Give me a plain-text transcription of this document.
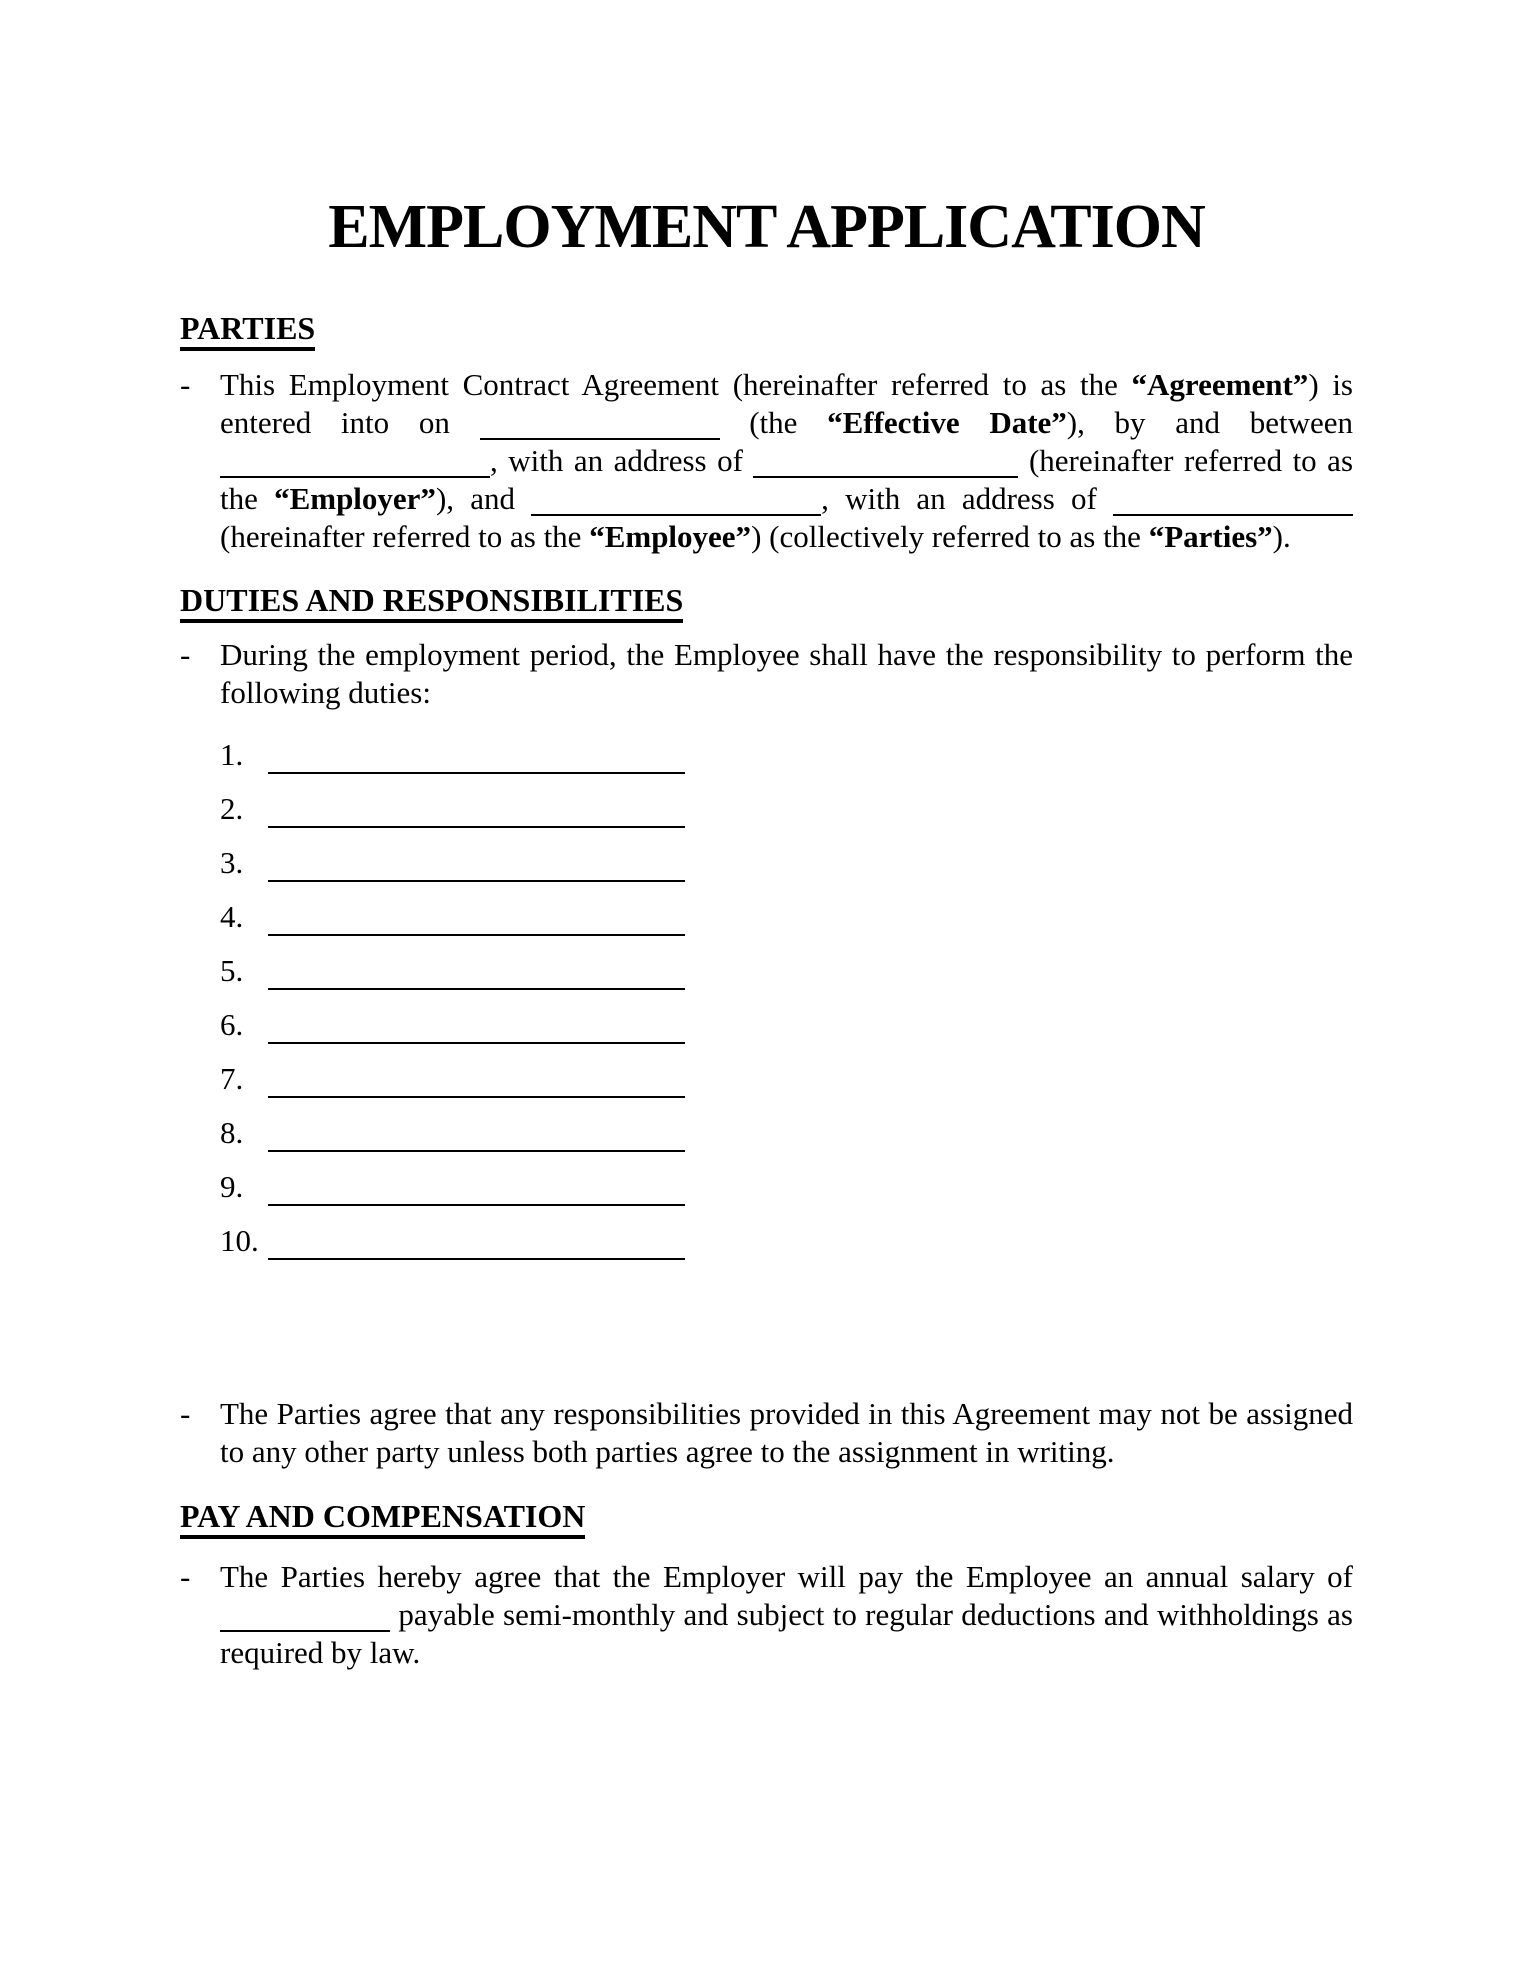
EMPLOYMENT APPLICATION
PARTIES
- This Employment Contract Agreement (hereinafter referred to as the “Agreement”) is entered into on	(the “Effective Date”), by and between , with an address of	(hereinafter referred to as the “Employer”), and	, with an address of  (hereinafter referred to as the “Employee”) (collectively referred to as the “Parties”).
DUTIES AND RESPONSIBILITIES
- During the employment period, the Employee shall have the responsibility to perform the following duties:
1.
2.
3.
4.
5.
6.
7.
8.
9.
10.
- The Parties agree that any responsibilities provided in this Agreement may not be assigned to any other party unless both parties agree to the assignment in writing.
PAY AND COMPENSATION
- The Parties hereby agree that the Employer will pay the Employee an annual salary of  payable semi-monthly and subject to regular deductions and withholdings as required by law.
